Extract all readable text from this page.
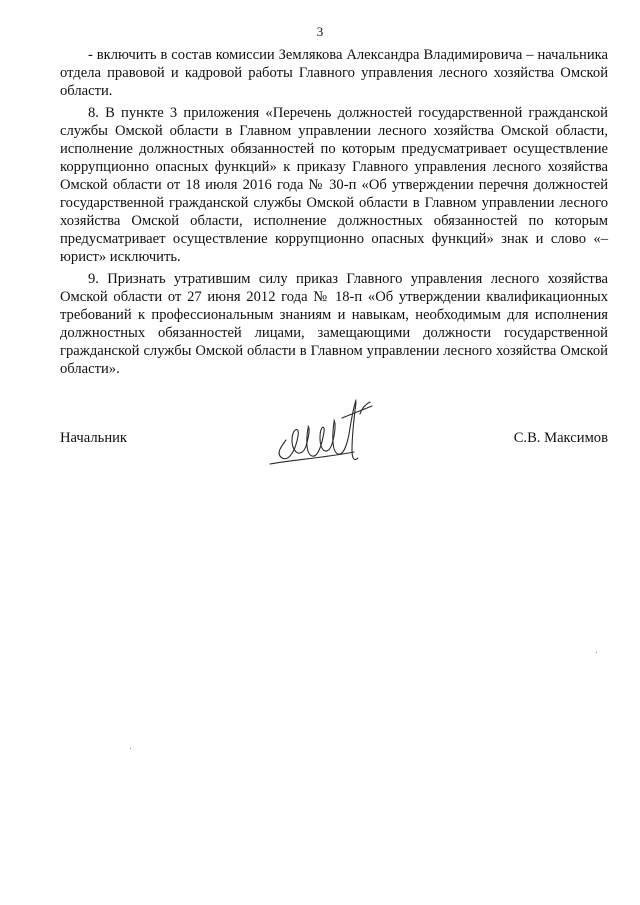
3

- включить в состав комиссии Землякова Александра Владимировича – начальника отдела правовой и кадровой работы Главного управления лесного хозяйства Омской области.

8. В пункте 3 приложения «Перечень должностей государственной гражданской службы Омской области в Главном управлении лесного хозяйства Омской области, исполнение должностных обязанностей по которым предусматривает осуществление коррупционно опасных функций» к приказу Главного управления лесного хозяйства Омской области от 18 июля 2016 года № 30-п «Об утверждении перечня должностей государственной гражданской службы Омской области в Главном управлении лесного хозяйства Омской области, исполнение должностных обязанностей по которым предусматривает осуществление коррупционно опасных функций» знак и слово «– юрист» исключить.

9. Признать утратившим силу приказ Главного управления лесного хозяйства Омской области от 27 июня 2012 года № 18-п «Об утверждении квалификационных требований к профессиональным знаниям и навыкам, необходимым для исполнения должностных обязанностей лицами, замещающими должности государственной гражданской службы Омской области в Главном управлении лесного хозяйства Омской области».

Начальник	С.В. Максимов
